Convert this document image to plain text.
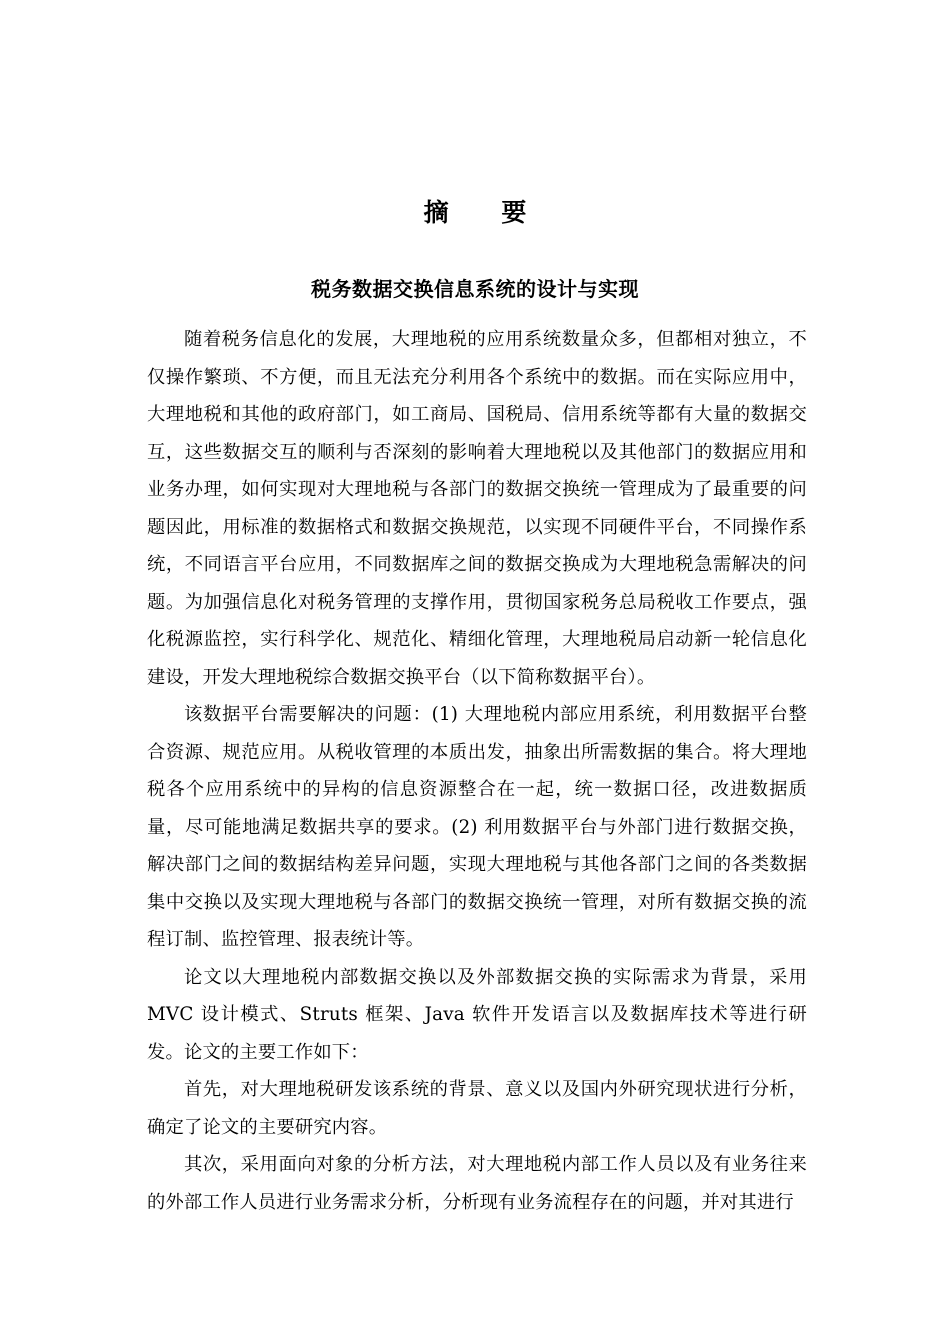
摘 要
税务数据交换信息系统的设计与实现

随着税务信息化的发展，大理地税的应用系统数量众多，但都相对独立，不仅操作繁琐、不方便，而且无法充分利用各个系统中的数据。而在实际应用中，大理地税和其他的政府部门，如工商局、国税局、信用系统等都有大量的数据交互，这些数据交互的顺利与否深刻的影响着大理地税以及其他部门的数据应用和业务办理，如何实现对大理地税与各部门的数据交换统一管理成为了最重要的问题因此，用标准的数据格式和数据交换规范，以实现不同硬件平台，不同操作系统，不同语言平台应用，不同数据库之间的数据交换成为大理地税急需解决的问题。为加强信息化对税务管理的支撑作用，贯彻国家税务总局税收工作要点，强化税源监控，实行科学化、规范化、精细化管理，大理地税局启动新一轮信息化建设，开发大理地税综合数据交换平台（以下简称数据平台）。

该数据平台需要解决的问题：(1) 大理地税内部应用系统，利用数据平台整合资源、规范应用。从税收管理的本质出发，抽象出所需数据的集合。将大理地税各个应用系统中的异构的信息资源整合在一起，统一数据口径，改进数据质量，尽可能地满足数据共享的要求。(2) 利用数据平台与外部门进行数据交换，解决部门之间的数据结构差异问题，实现大理地税与其他各部门之间的各类数据集中交换以及实现大理地税与各部门的数据交换统一管理，对所有数据交换的流程订制、监控管理、报表统计等。

论文以大理地税内部数据交换以及外部数据交换的实际需求为背景，采用MVC 设计模式、Struts 框架、Java 软件开发语言以及数据库技术等进行研发。论文的主要工作如下：

首先，对大理地税研发该系统的背景、意义以及国内外研究现状进行分析，确定了论文的主要研究内容。

其次，采用面向对象的分析方法，对大理地税内部工作人员以及有业务往来的外部工作人员进行业务需求分析，分析现有业务流程存在的问题，并对其进行
